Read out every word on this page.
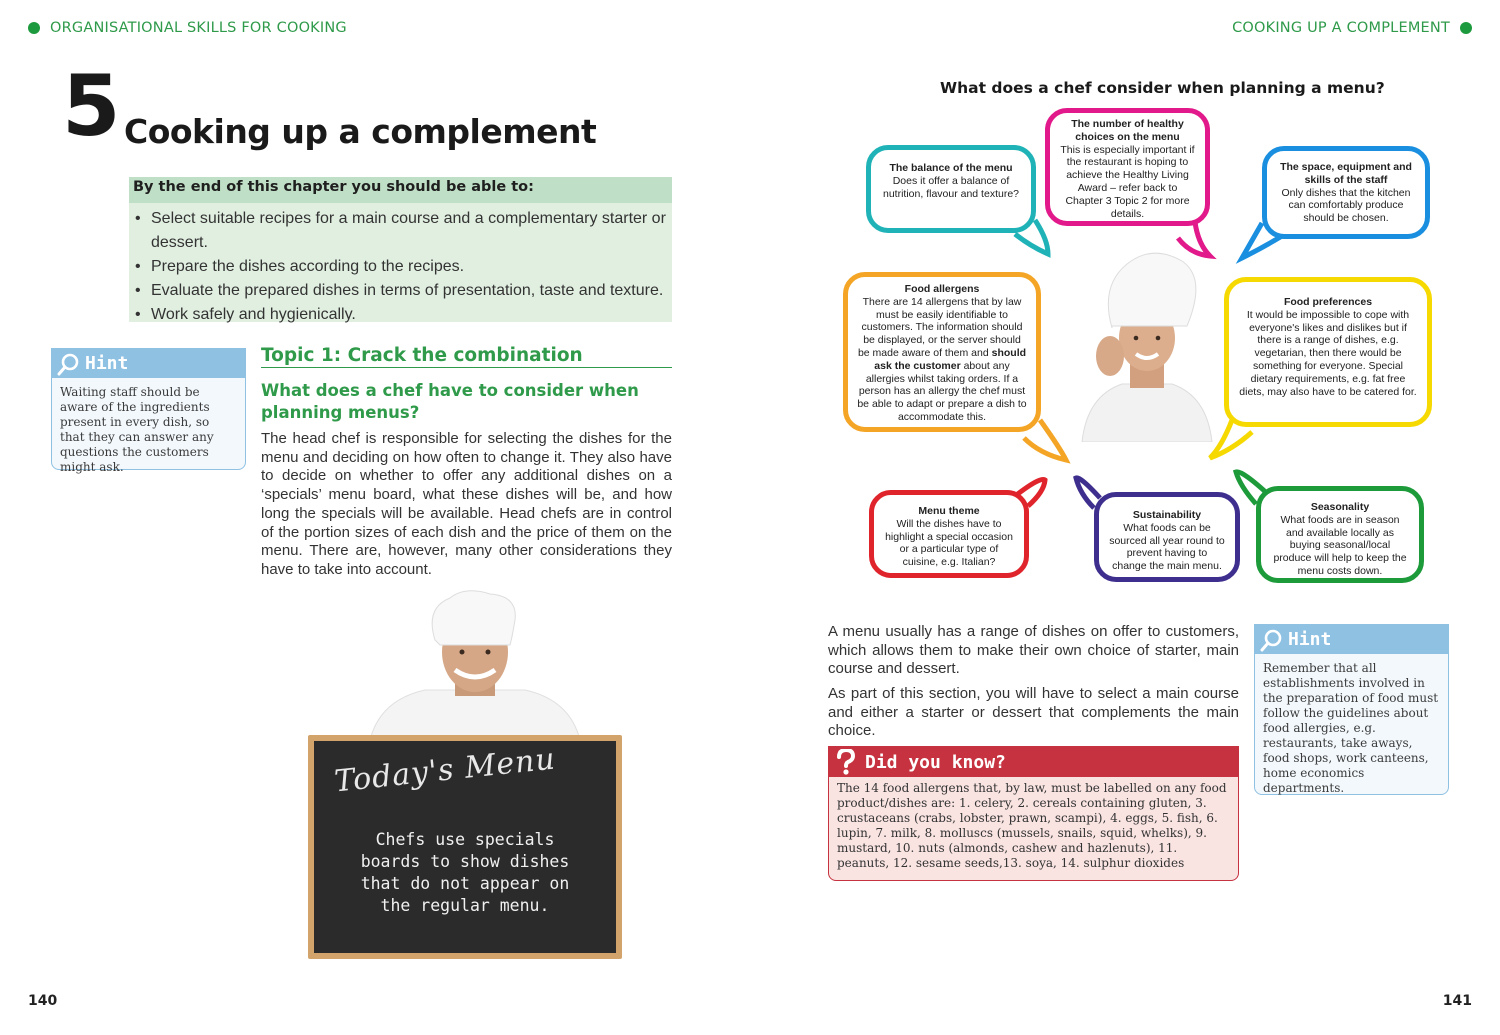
ORGANISATIONAL SKILLS FOR COOKING
5 Cooking up a complement
By the end of this chapter you should be able to:
• Select suitable recipes for a main course and a complementary starter or dessert.
• Prepare the dishes according to the recipes.
• Evaluate the prepared dishes in terms of presentation, taste and texture.
• Work safely and hygienically.
Hint
Waiting staff should be aware of the ingredients present in every dish, so that they can answer any questions the customers might ask.
Topic 1: Crack the combination
What does a chef have to consider when planning menus?
The head chef is responsible for selecting the dishes for the menu and deciding on how often to change it. They also have to decide on whether to offer any additional dishes on a ‘specials’ menu board, what these dishes will be, and how long the specials will be available. Head chefs are in control of the portion sizes of each dish and the price of them on the menu. There are, however, many other considerations they have to take into account.
Today's Menu
Chefs use specials boards to show dishes that do not appear on the regular menu.
140
COOKING UP A COMPLEMENT
What does a chef consider when planning a menu?
The balance of the menu
Does it offer a balance of nutrition, flavour and texture?
The number of healthy choices on the menu
This is especially important if the restaurant is hoping to achieve the Healthy Living Award – refer back to Chapter 3 Topic 2 for more details.
The space, equipment and skills of the staff
Only dishes that the kitchen can comfortably produce should be chosen.
Food allergens
There are 14 allergens that by law must be easily identifiable to customers. The information should be displayed, or the server should be made aware of them and should ask the customer about any allergies whilst taking orders. If a person has an allergy the chef must be able to adapt or prepare a dish to accommodate this.
Food preferences
It would be impossible to cope with everyone's likes and dislikes but if there is a range of dishes, e.g. vegetarian, then there would be something for everyone. Special dietary requirements, e.g. fat free diets, may also have to be catered for.
Menu theme
Will the dishes have to highlight a special occasion or a particular type of cuisine, e.g. Italian?
Sustainability
What foods can be sourced all year round to prevent having to change the main menu.
Seasonality
What foods are in season and available locally as buying seasonal/local produce will help to keep the menu costs down.
A menu usually has a range of dishes on offer to customers, which allows them to make their own choice of starter, main course and dessert.
As part of this section, you will have to select a main course and either a starter or dessert that complements the main choice.
Did you know?
The 14 food allergens that, by law, must be labelled on any food product/dishes are: 1. celery, 2. cereals containing gluten, 3. crustaceans (crabs, lobster, prawn, scampi), 4. eggs, 5. fish, 6. lupin, 7. milk, 8. molluscs (mussels, snails, squid, whelks), 9. mustard, 10. nuts (almonds, cashew and hazlenuts), 11. peanuts, 12. sesame seeds,13. soya, 14. sulphur dioxides
Hint
Remember that all establishments involved in the preparation of food must follow the guidelines about food allergies, e.g. restaurants, take aways, food shops, work canteens, home economics departments.
141
